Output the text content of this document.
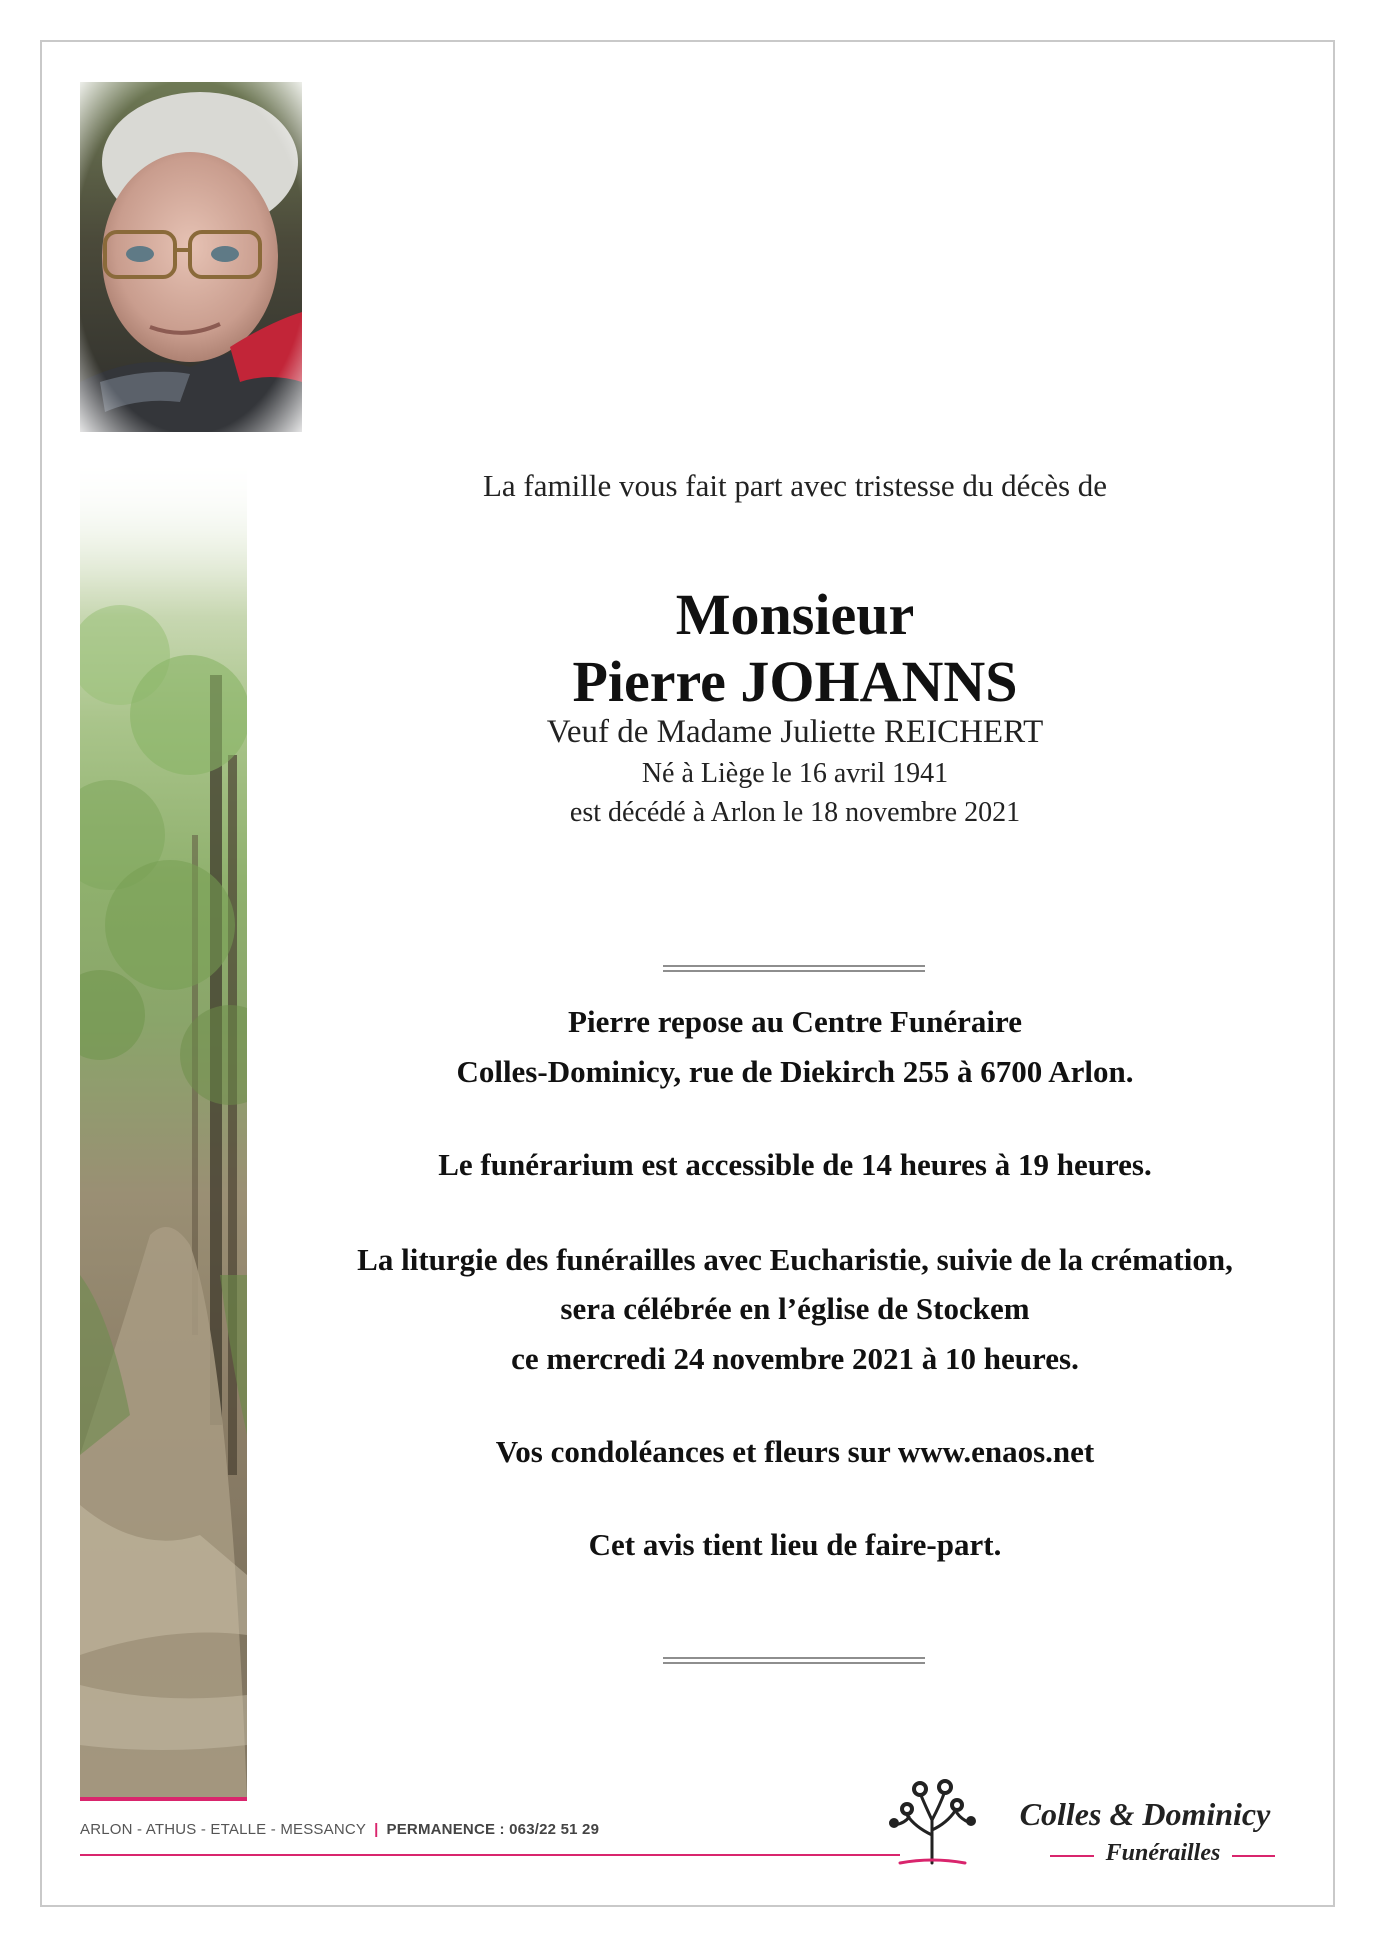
La famille vous fait part avec tristesse du décès de
Monsieur
Pierre JOHANNS
Veuf de Madame Juliette REICHERT
Né à Liège le 16 avril 1941
est décédé à Arlon le 18 novembre 2021
Pierre repose au Centre Funéraire
Colles-Dominicy, rue de Diekirch 255 à 6700 Arlon.
Le funérarium est accessible de 14 heures à 19 heures.
La liturgie des funérailles avec Eucharistie, suivie de la crémation,
sera célébrée en l’église de Stockem
ce mercredi 24 novembre 2021 à 10 heures.
Vos condoléances et fleurs sur www.enaos.net
Cet avis tient lieu de faire-part.
ARLON - ATHUS - ETALLE - MESSANCY | PERMANENCE : 063/22 51 29	Colles & Dominicy
Funérailles
